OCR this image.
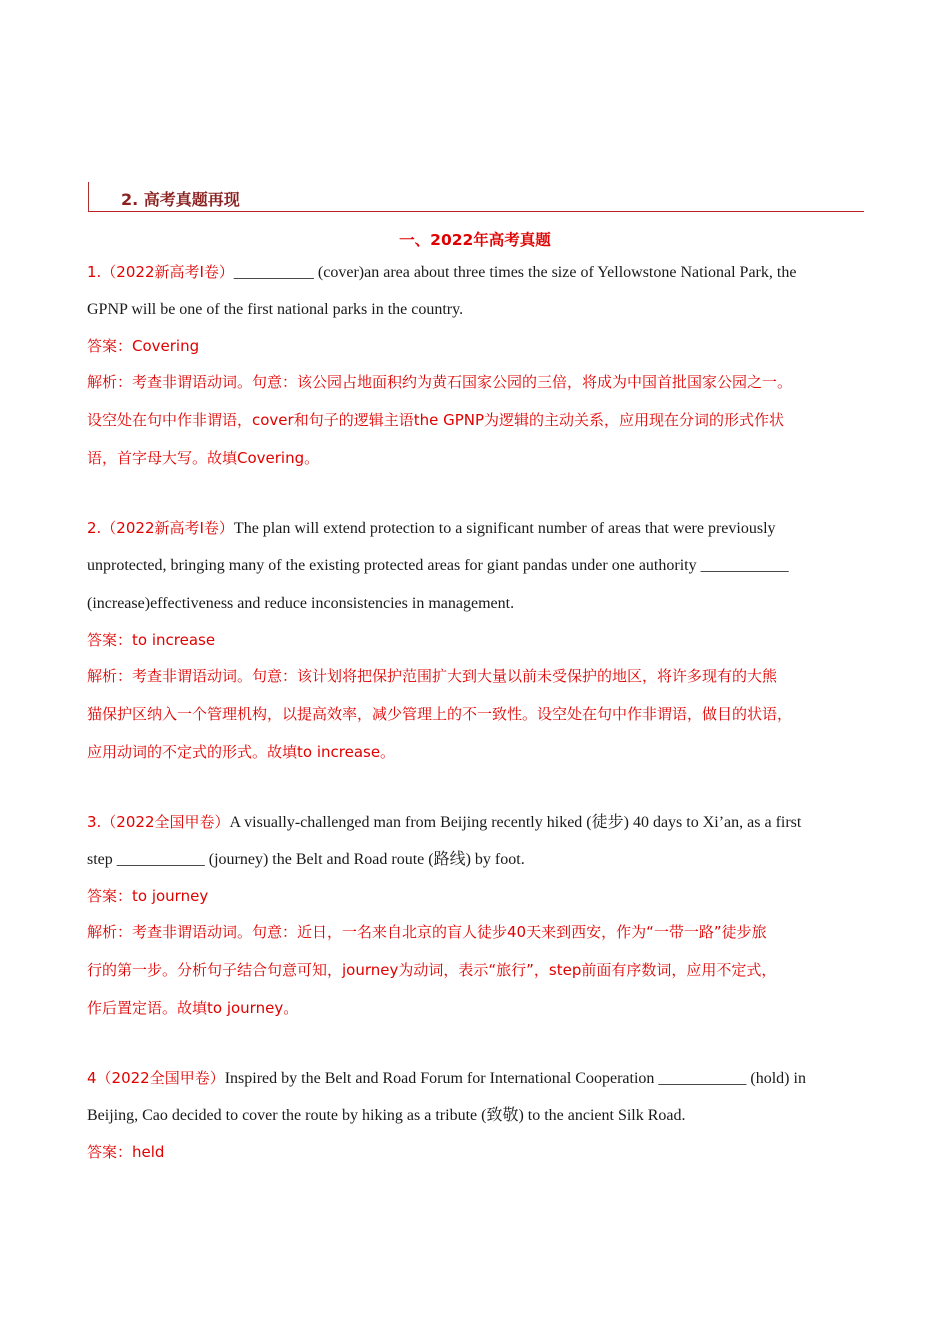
2. 高考真题再现
一、2022年高考真题
1.（2022新高考I卷）__________ (cover)an area about three times the size of Yellowstone National Park, the
GPNP will be one of the first national parks in the country.
答案：Covering
解析：考查非谓语动词。句意：该公园占地面积约为黄石国家公园的三倍，将成为中国首批国家公园之一。
设空处在句中作非谓语，cover和句子的逻辑主语the GPNP为逻辑的主动关系，应用现在分词的形式作状
语，首字母大写。故填Covering。
2.（2022新高考I卷）The plan will extend protection to a significant number of areas that were previously
unprotected, bringing many of the existing protected areas for giant pandas under one authority ___________
(increase)effectiveness and reduce inconsistencies in management.
答案：to increase
解析：考查非谓语动词。句意：该计划将把保护范围扩大到大量以前未受保护的地区，将许多现有的大熊
猫保护区纳入一个管理机构，以提高效率，减少管理上的不一致性。设空处在句中作非谓语，做目的状语，
应用动词的不定式的形式。故填to increase。
3.（2022全国甲卷）A visually-challenged man from Beijing recently hiked (徒步) 40 days to Xi’an, as a first
step ___________ (journey) the Belt and Road route (路线) by foot.
答案：to journey
解析：考查非谓语动词。句意：近日，一名来自北京的盲人徒步40天来到西安，作为“一带一路”徒步旅
行的第一步。分析句子结合句意可知，journey为动词，表示“旅行”，step前面有序数词，应用不定式，
作后置定语。故填to journey。
4（2022全国甲卷）Inspired by the Belt and Road Forum for International Cooperation ___________ (hold) in
Beijing, Cao decided to cover the route by hiking as a tribute (致敬) to the ancient Silk Road.
答案：held
